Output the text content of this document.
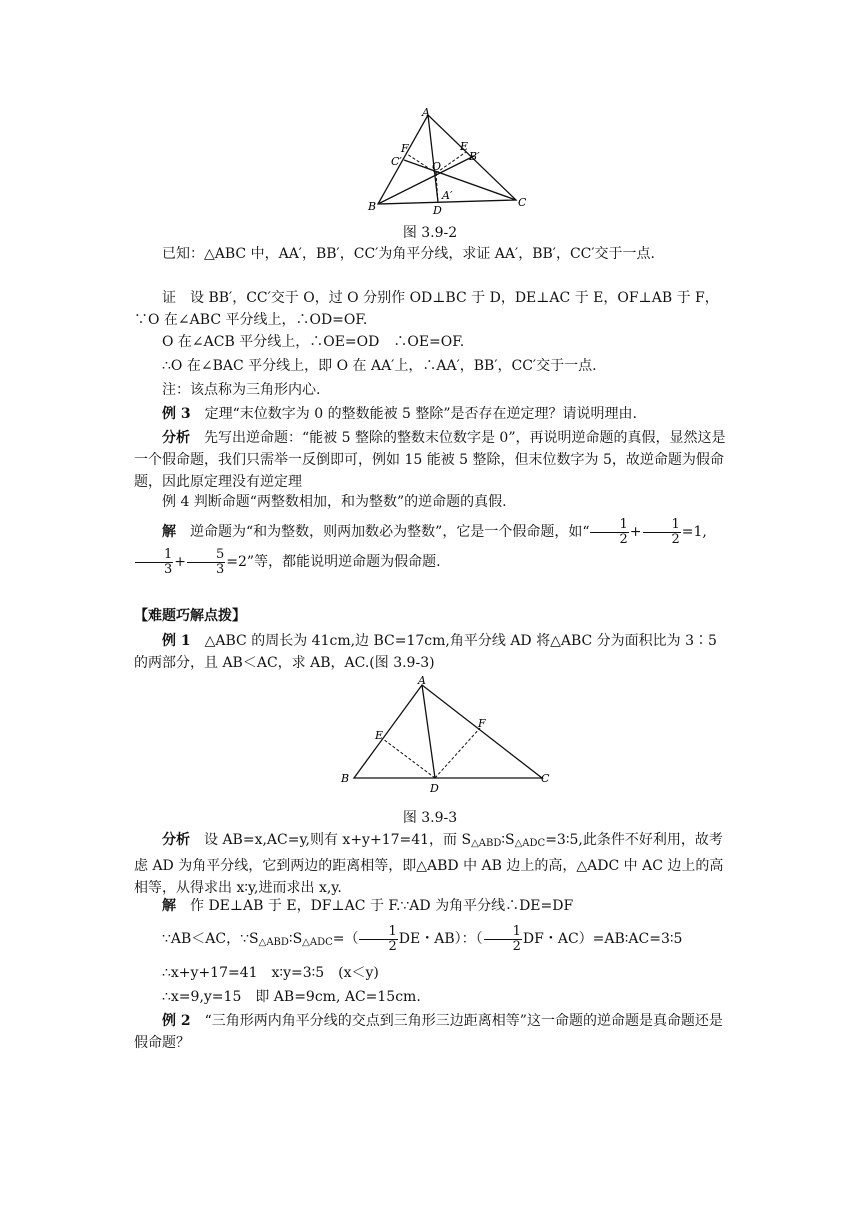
A
B	C
O
D
E
F
A′
B′
C′
图 3.9-2

已知：△ABC 中，AA′，BB′，CC′为角平分线，求证 AA′，BB′，CC′交于一点.

证　 设 BB′，CC′交于 O，过 O 分别作 OD⊥BC 于 D，DE⊥AC 于 E，OF⊥AB 于 F，∵O 在∠ABC 平分线上，∴OD=OF.

O 在∠ACB 平分线上，∴OE=OD　∴OE=OF.

∴O 在∠BAC 平分线上，即 O 在 AA′上，∴AA′，BB′，CC′交于一点.

注：该点称为三角形内心.

例 3　 定理“末位数字为 0 的整数能被 5 整除”是否存在逆定理？请说明理由.

分析　 先写出逆命题：“能被 5 整除的整数末位数字是 0”，再说明逆命题的真假，显然这是一个假命题，我们只需举一反倒即可，例如 15 能被 5 整除，但末位数字为 5，故逆命题为假命题，因此原定理没有逆定理

例 4 判断命题“两整数相加，和为整数”的逆命题的真假.

解　 逆命题为“和为整数，则两加数必为整数”，它是一个假命题，如“ $\frac{1}{2} + \frac{1}{2} =1$,
$\frac{1}{3} + \frac{5}{3} =2$”等，都能说明逆命题为假命题.

【难题巧解点拨】

例 1　 △ABC 的周长为 41cm,边 BC=17cm,角平分线 AD 将△ABC 分为面积比为 3∶5 的两部分，且 AB＜AC，求 AB，AC.(图 3.9-3)

A
B	C
D
E
F
图 3.9-3

分析　 设 AB=x,AC=y,则有 x+y+17=41，而 $S_{\triangle ABD}∶S_{\triangle ADC}=3∶5$,此条件不好利用，故考虑 AD 为角平分线，它到两边的距离相等，即△ABD 中 AB 边上的高，△ADC 中 AC 边上的高相等，从得求出 x∶y,进而求出 x,y.

解　 作 DE⊥AB 于 E，DF⊥AC 于 F.∵AD 为角平分线∴DE=DF

∵AB＜AC，$\because S_{\triangle ABD}∶S_{\triangle ADC}=( \frac{1}{2}$ DE・AB）：（ $\frac{1}{2}$ DF・AC）=AB∶AC=3∶5

∴x+y+17=41　x∶y=3∶5　(x＜y)

∴x=9,y=15　即 AB=9cm, AC=15cm.

例 2　 “三角形两内角平分线的交点到三角形三边距离相等”这一命题的逆命题是真命题还是假命题？
